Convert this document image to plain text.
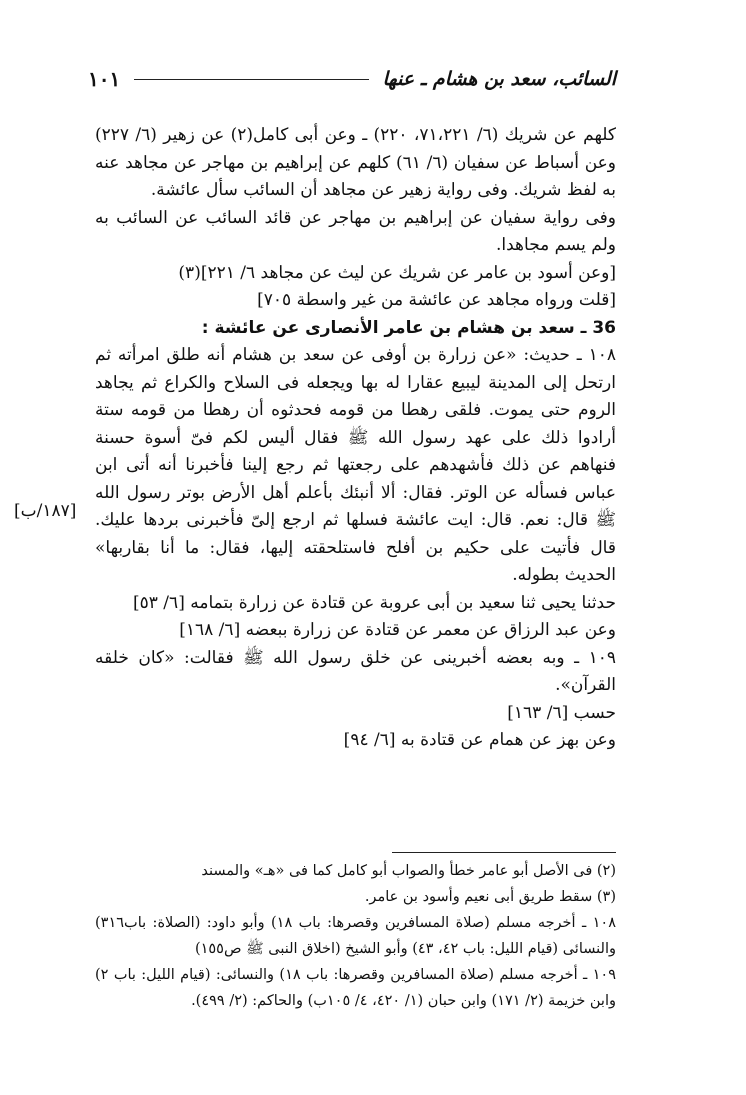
السائب، سعد بن هشام ـ عنها
١٠١

كلهم عن شريك (٦/ ٧١،٢٢١، ٢٢٠) ـ وعن أبى كامل(٢) عن زهير (٦/ ٢٢٧) وعن أسباط عن سفيان (٦/ ٦١) كلهم عن إبراهيم بن مهاجر عن مجاهد عنه به لفظ شريك. وفى رواية زهير عن مجاهد أن السائب سأل عائشة.

وفى رواية سفيان عن إبراهيم بن مهاجر عن قائد السائب عن السائب به ولم يسم مجاهدا.

[وعن أسود بن عامر عن شريك عن ليث عن مجاهد ٦/ ٢٢١](٣)

[قلت ورواه مجاهد عن عائشة من غير واسطة ٧٠٥]

36 ـ سعد بن هشام بن عامر الأنصارى عن عائشة :

١٠٨ ـ حديث: «عن زرارة بن أوفى عن سعد بن هشام أنه طلق امرأته ثم ارتحل إلى المدينة ليبيع عقارا له بها ويجعله فى السلاح والكراع ثم يجاهد الروم حتى يموت. فلقى رهطا من قومه فحدثوه أن رهطا من قومه ستة أرادوا ذلك على عهد رسول الله ﷺ فقال أليس لكم فىّ أسوة حسنة فنهاهم عن ذلك فأشهدهم على رجعتها ثم رجع إلينا فأخبرنا أنه أتى ابن عباس فسأله عن الوتر. فقال: ألا أنبئك بأعلم أهل الأرض بوتر رسول الله ﷺ قال: نعم. قال: ايت عائشة فسلها ثم ارجع إلىّ فأخبرنى بردها عليك. قال فأتيت على حكيم بن أفلح فاستلحقته إليها، فقال: ما أنا بقاربها» الحديث بطوله.

حدثنا يحيى ثنا سعيد بن أبى عروبة عن قتادة عن زرارة بتمامه [٦/ ٥٣]

وعن عبد الرزاق عن معمر عن قتادة عن زرارة ببعضه [٦/ ١٦٨]

١٠٩ ـ وبه بعضه أخبرينى عن خلق رسول الله ﷺ فقالت: «كان خلقه القرآن».

حسب [٦/ ١٦٣]

وعن بهز عن همام عن قتادة به [٦/ ٩٤]

[١٨٧/ب]

(٢) فى الأصل أبو عامر خطأ والصواب أبو كامل كما فى «هـ» والمسند

(٣) سقط طريق أبى نعيم وأسود بن عامر.

١٠٨ ـ أخرجه مسلم (صلاة المسافرين وقصرها: باب ١٨) وأبو داود: (الصلاة: باب٣١٦) والنسائى (قيام الليل: باب ٤٢، ٤٣) وأبو الشيخ (اخلاق النبى ﷺ ص١٥٥)

١٠٩ ـ أخرجه مسلم (صلاة المسافرين وقصرها: باب ١٨) والنسائى: (قيام الليل: باب ٢) وابن خزيمة (٢/ ١٧١) وابن حبان (١/ ٤٢٠، ٤/ ١٠٥ب) والحاكم: (٢/ ٤٩٩).
